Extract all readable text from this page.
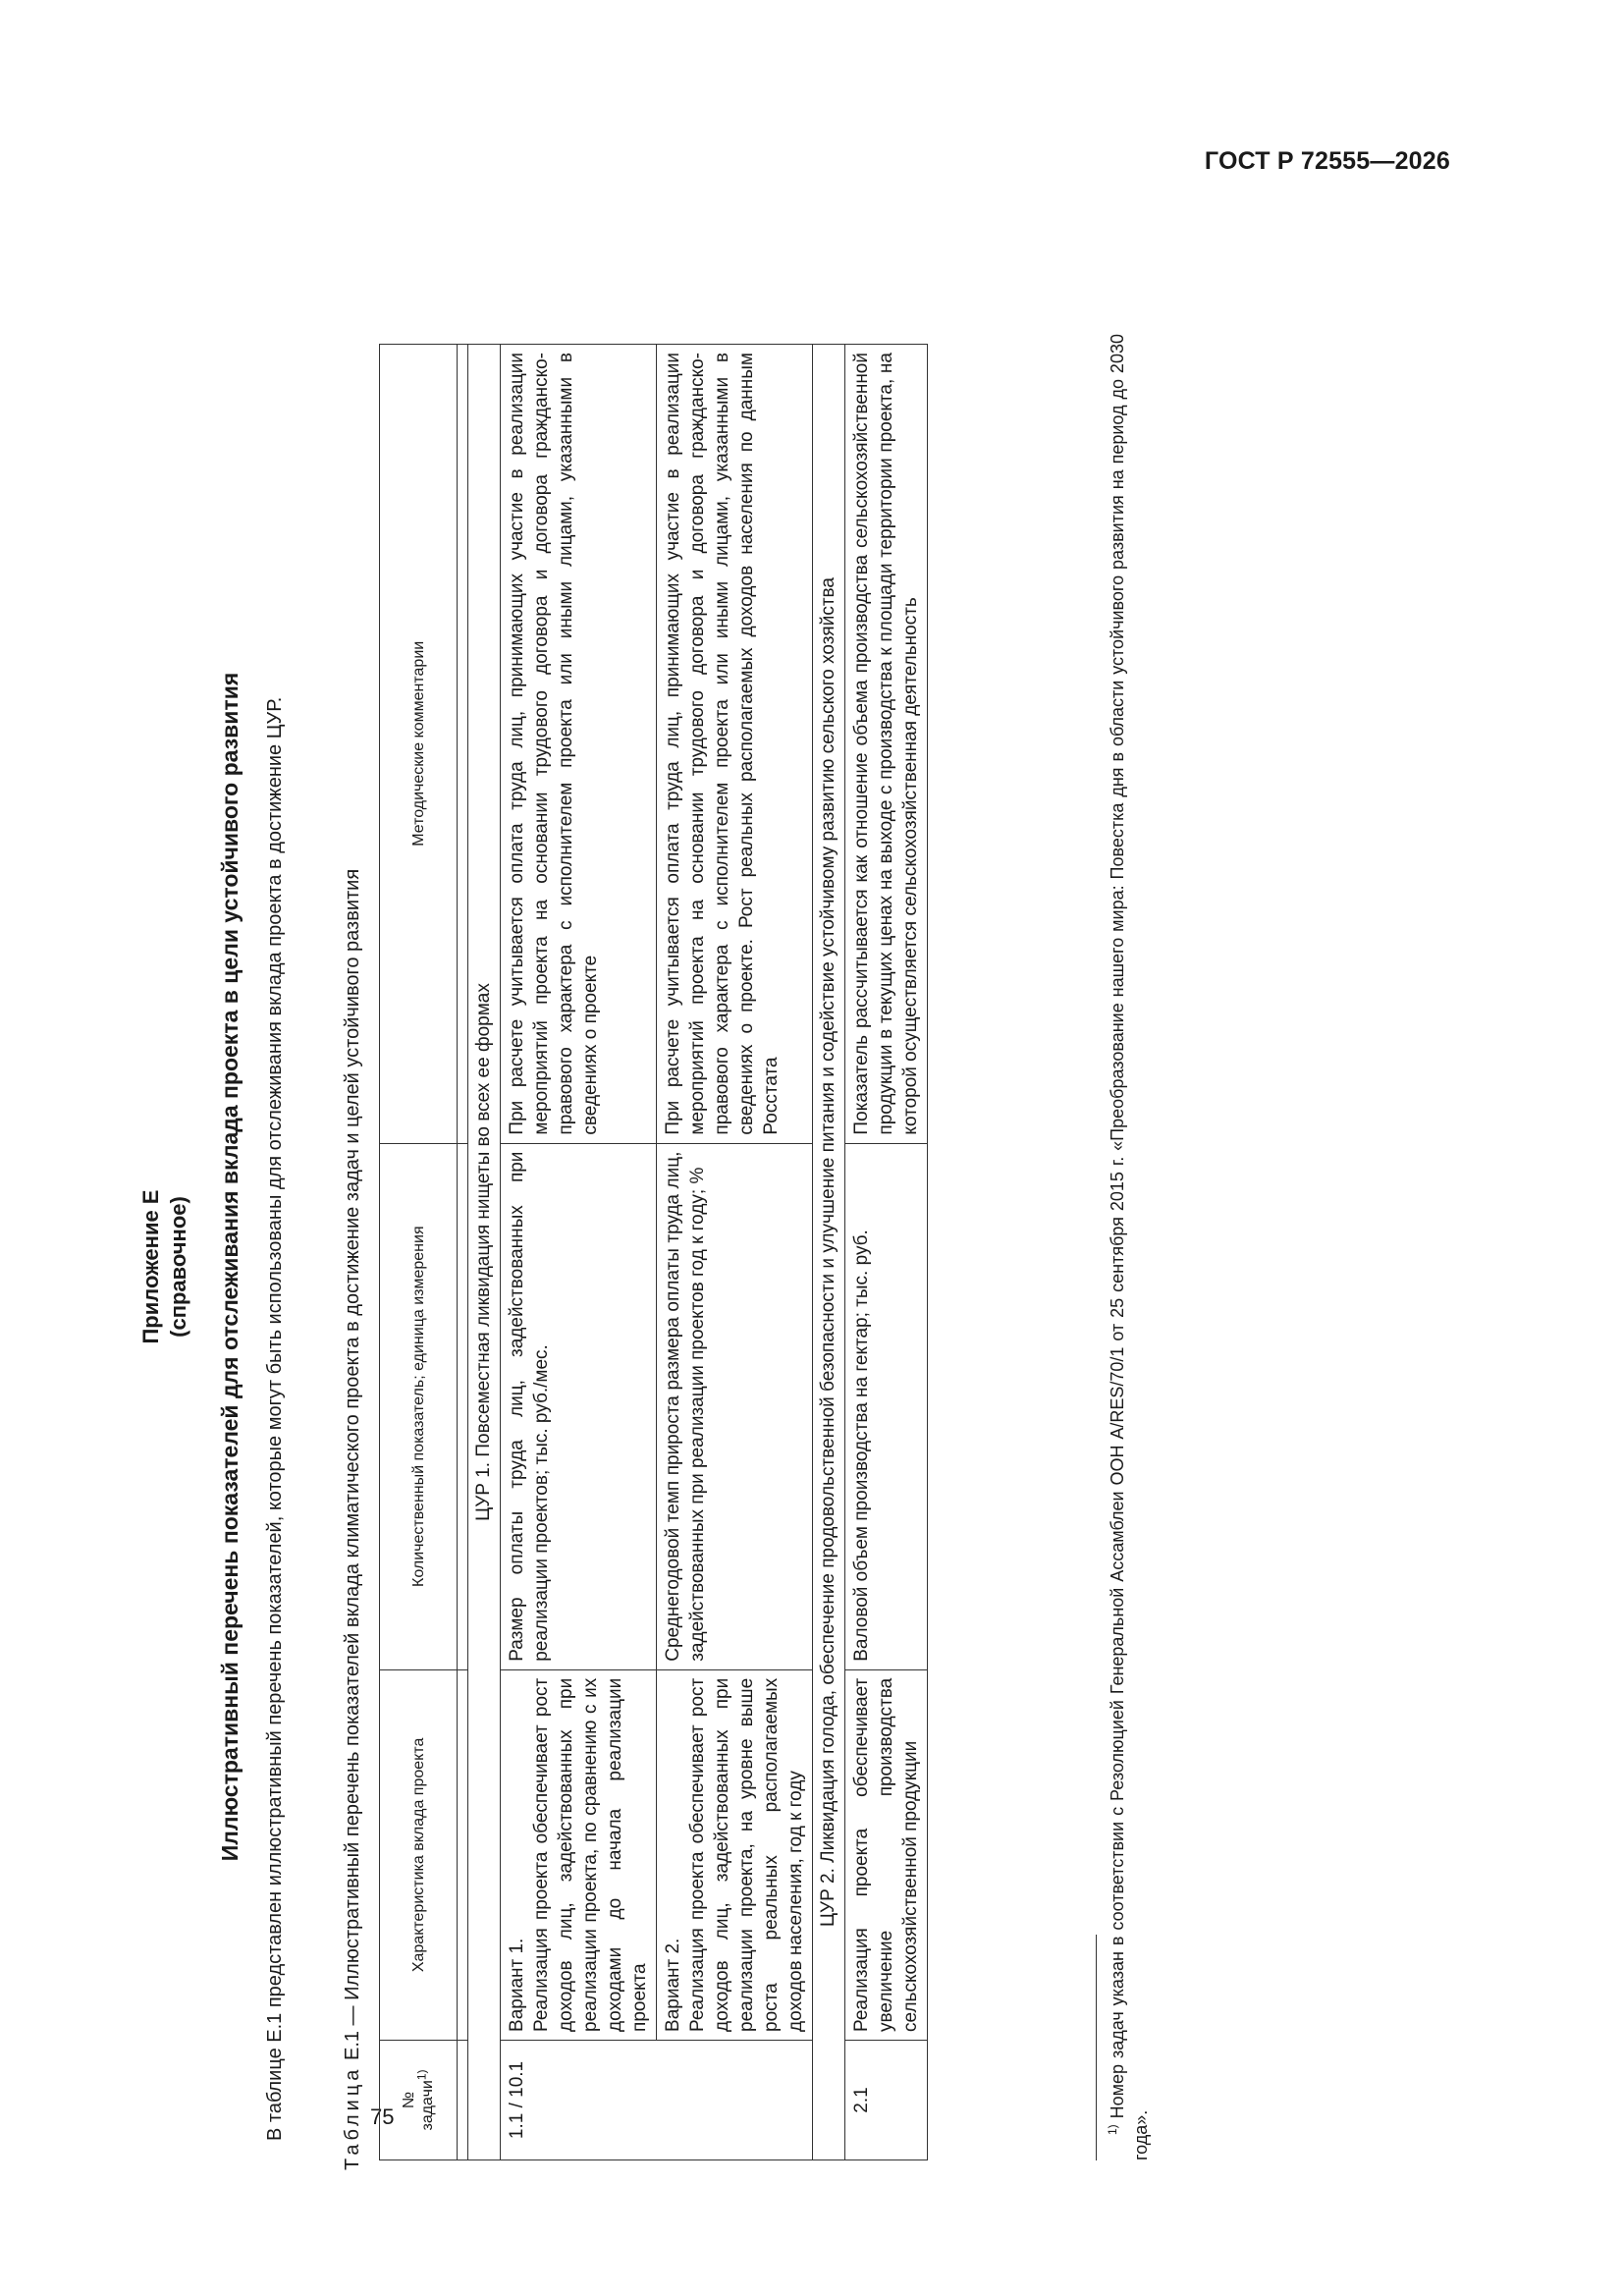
ГОСТ Р 72555—2026
75
Приложение Е (справочное) Иллюстративный перечень показателей для отслеживания вклада проекта в цели устойчивого развития В таблице Е.1 представлен иллюстративный перечень показателей, которые могут быть использованы для отслеживания вклада проекта в достижение ЦУР.	Таблица Е.1 — Иллюстративный перечень показателей вклада климатического проекта в достижение задач и целей устойчивого развития
№ задачи$^{1)}$	Характеристика вклада проекта	Количественный показатель; единица измерения	Методические комментарии

ЦУР 1. Повсеместная ликвидация нищеты во всех ее формах			
1.1 / 10.1	Вариант 1. Реализация проекта обеспечивает рост доходов лиц, задействованных при реализации проекта, по сравнению с их доходами до начала реализации проекта	Размер оплаты труда лиц, задействованных при реализации проектов; тыс. руб./мес.	При расчете учитывается оплата труда лиц, принимающих участие в реализации мероприятий проекта на основании трудового договора и договора гражданско-правового характера с исполнителем проекта или иными лицами, указанными в сведениях о проекте
	Вариант 2. Реализация проекта обеспечивает рост доходов лиц, задействованных при реализации проекта, на уровне выше роста реальных располагаемых доходов населения, год к году	Среднегодовой темп прироста размера оплаты труда лиц, задействованных при реализации проектов год к году; %	При расчете учитывается оплата труда лиц, принимающих участие в реализации мероприятий проекта на основании трудового договора и договора гражданско-правового характера с исполнителем проекта или иными лицами, указанными в сведениях о проекте. Рост реальных располагаемых доходов населения по данным Росстата
ЦУР 2. Ликвидация голода, обеспечение продовольственной безопасности и улучшение питания и содействие устойчивому развитию сельского хозяйства			
2.1	Реализация проекта обеспечивает увеличение производства сельскохозяйственной продукции	Валовой объем производства на гектар; тыс. руб.	Показатель рассчитывается как отношение объема производства сельскохозяйственной продукции в текущих ценах на выходе с производства к площади территории проекта, на которой осуществляется сельскохозяйственная деятельность
$^{1)}$ Номер задач указан в соответствии с Резолюцией Генеральной Ассамблеи ООН A/RES/70/1 от 25 сентября 2015 г. «Преобразование нашего мира: Повестка дня в области устойчивого развития на период до 2030 года».
